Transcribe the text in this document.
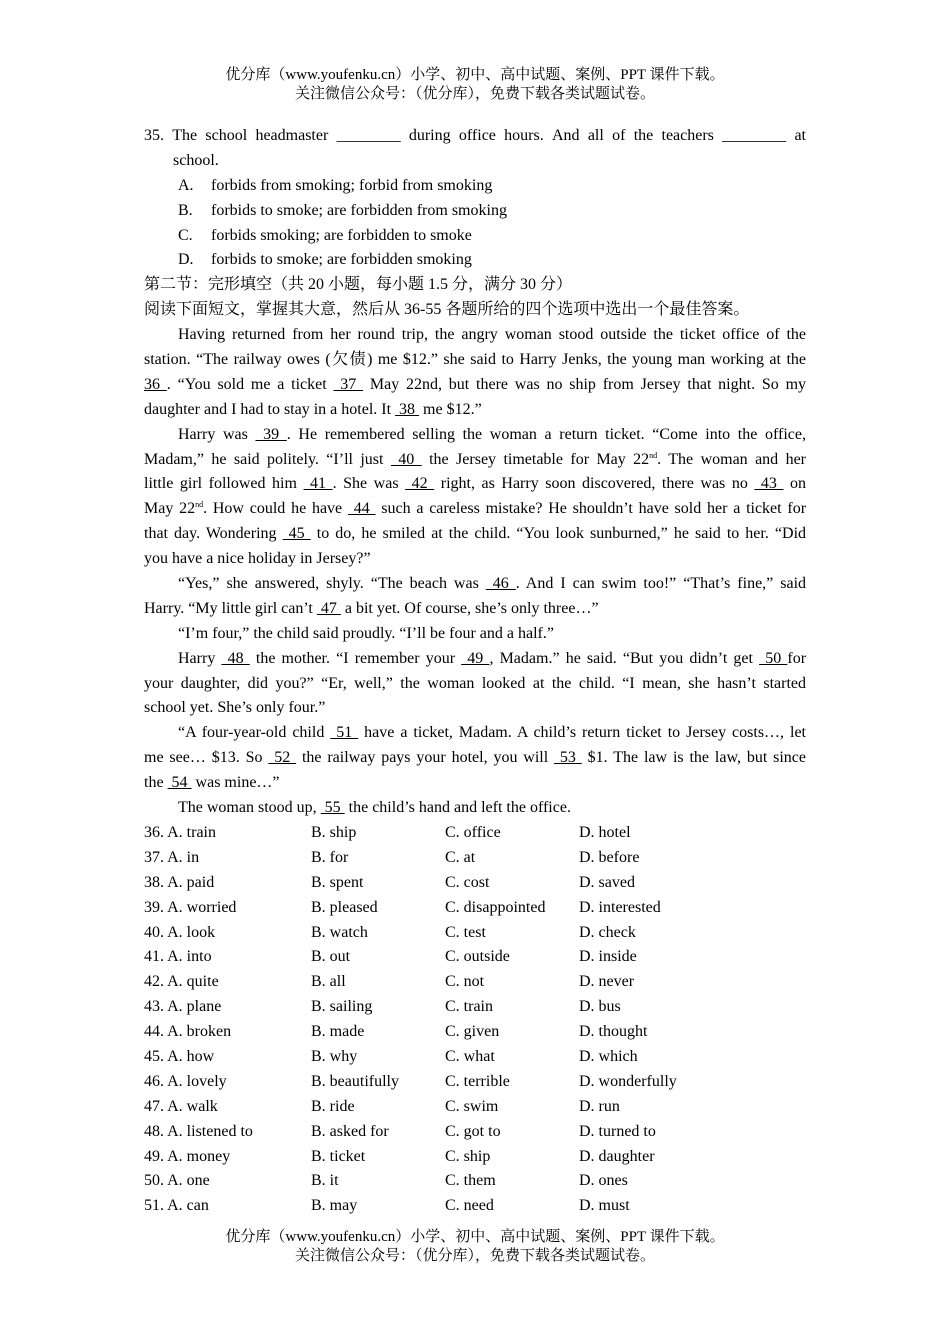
优分库（www.youfenku.cn）小学、初中、高中试题、案例、PPT 课件下载。
关注微信公众号：（优分库），免费下载各类试题试卷。
35. The school headmaster ________ during office hours. And all of the teachers ________ at
school.
A.	forbids from smoking; forbid from smoking
B.	forbids to smoke; are forbidden from smoking
C.	forbids smoking; are forbidden to smoke
D.	forbids to smoke; are forbidden smoking
第二节：完形填空（共 20 小题，每小题 1.5 分，满分 30 分）
阅读下面短文，掌握其大意，然后从 36-55 各题所给的四个选项中选出一个最佳答案。
Having returned from her round trip, the angry woman stood outside the ticket office of the
station. “The railway owes (欠债) me $12.” she said to Harry Jenks, the young man working at the
36 . “You sold me a ticket  37  May 22nd, but there was no ship from Jersey that night. So my
daughter and I had to stay in a hotel. It  38  me $12.”
Harry was  39 . He remembered selling the woman a return ticket. “Come into the office,
Madam,” he said politely. “I’ll just  40  the Jersey timetable for May 22nd. The woman and her
little girl followed him  41 . She was  42  right, as Harry soon discovered, there was no  43  on
May 22nd. How could he have  44  such a careless mistake? He shouldn’t have sold her a ticket for
that day. Wondering  45  to do, he smiled at the child. “You look sunburned,” he said to her. “Did
you have a nice holiday in Jersey?”
“Yes,” she answered, shyly. “The beach was  46 . And I can swim too!” “That’s fine,” said
Harry. “My little girl can’t  47  a bit yet. Of course, she’s only three…”
“I’m four,” the child said proudly. “I’ll be four and a half.”
Harry  48  the mother. “I remember your  49 , Madam.” he said. “But you didn’t get  50 for
your daughter, did you?” “Er, well,” the woman looked at the child. “I mean, she hasn’t started
school yet. She’s only four.”
“A four-year-old child  51  have a ticket, Madam. A child’s return ticket to Jersey costs…, let
me see… $13. So  52  the railway pays your hotel, you will  53  $1. The law is the law, but since
the  54  was mine…”
The woman stood up,  55  the child’s hand and left the office.
36. A. train	B. ship	C. office	D. hotel
37. A. in	B. for	C. at	D. before
38. A. paid	B. spent	C. cost	D. saved
39. A. worried	B. pleased	C. disappointed	D. interested
40. A. look	B. watch	C. test	D. check
41. A. into	B. out	C. outside	D. inside
42. A. quite	B. all	C. not	D. never
43. A. plane	B. sailing	C. train	D. bus
44. A. broken	B. made	C. given	D. thought
45. A. how	B. why	C. what	D. which
46. A. lovely	B. beautifully	C. terrible	D. wonderfully
47. A. walk	B. ride	C. swim	D. run
48. A. listened to	B. asked for	C. got to	D. turned to
49. A. money	B. ticket	C. ship	D. daughter
50. A. one	B. it	C. them	D. ones
51. A. can	B. may	C. need	D. must
优分库（www.youfenku.cn）小学、初中、高中试题、案例、PPT 课件下载。
关注微信公众号：（优分库），免费下载各类试题试卷。
